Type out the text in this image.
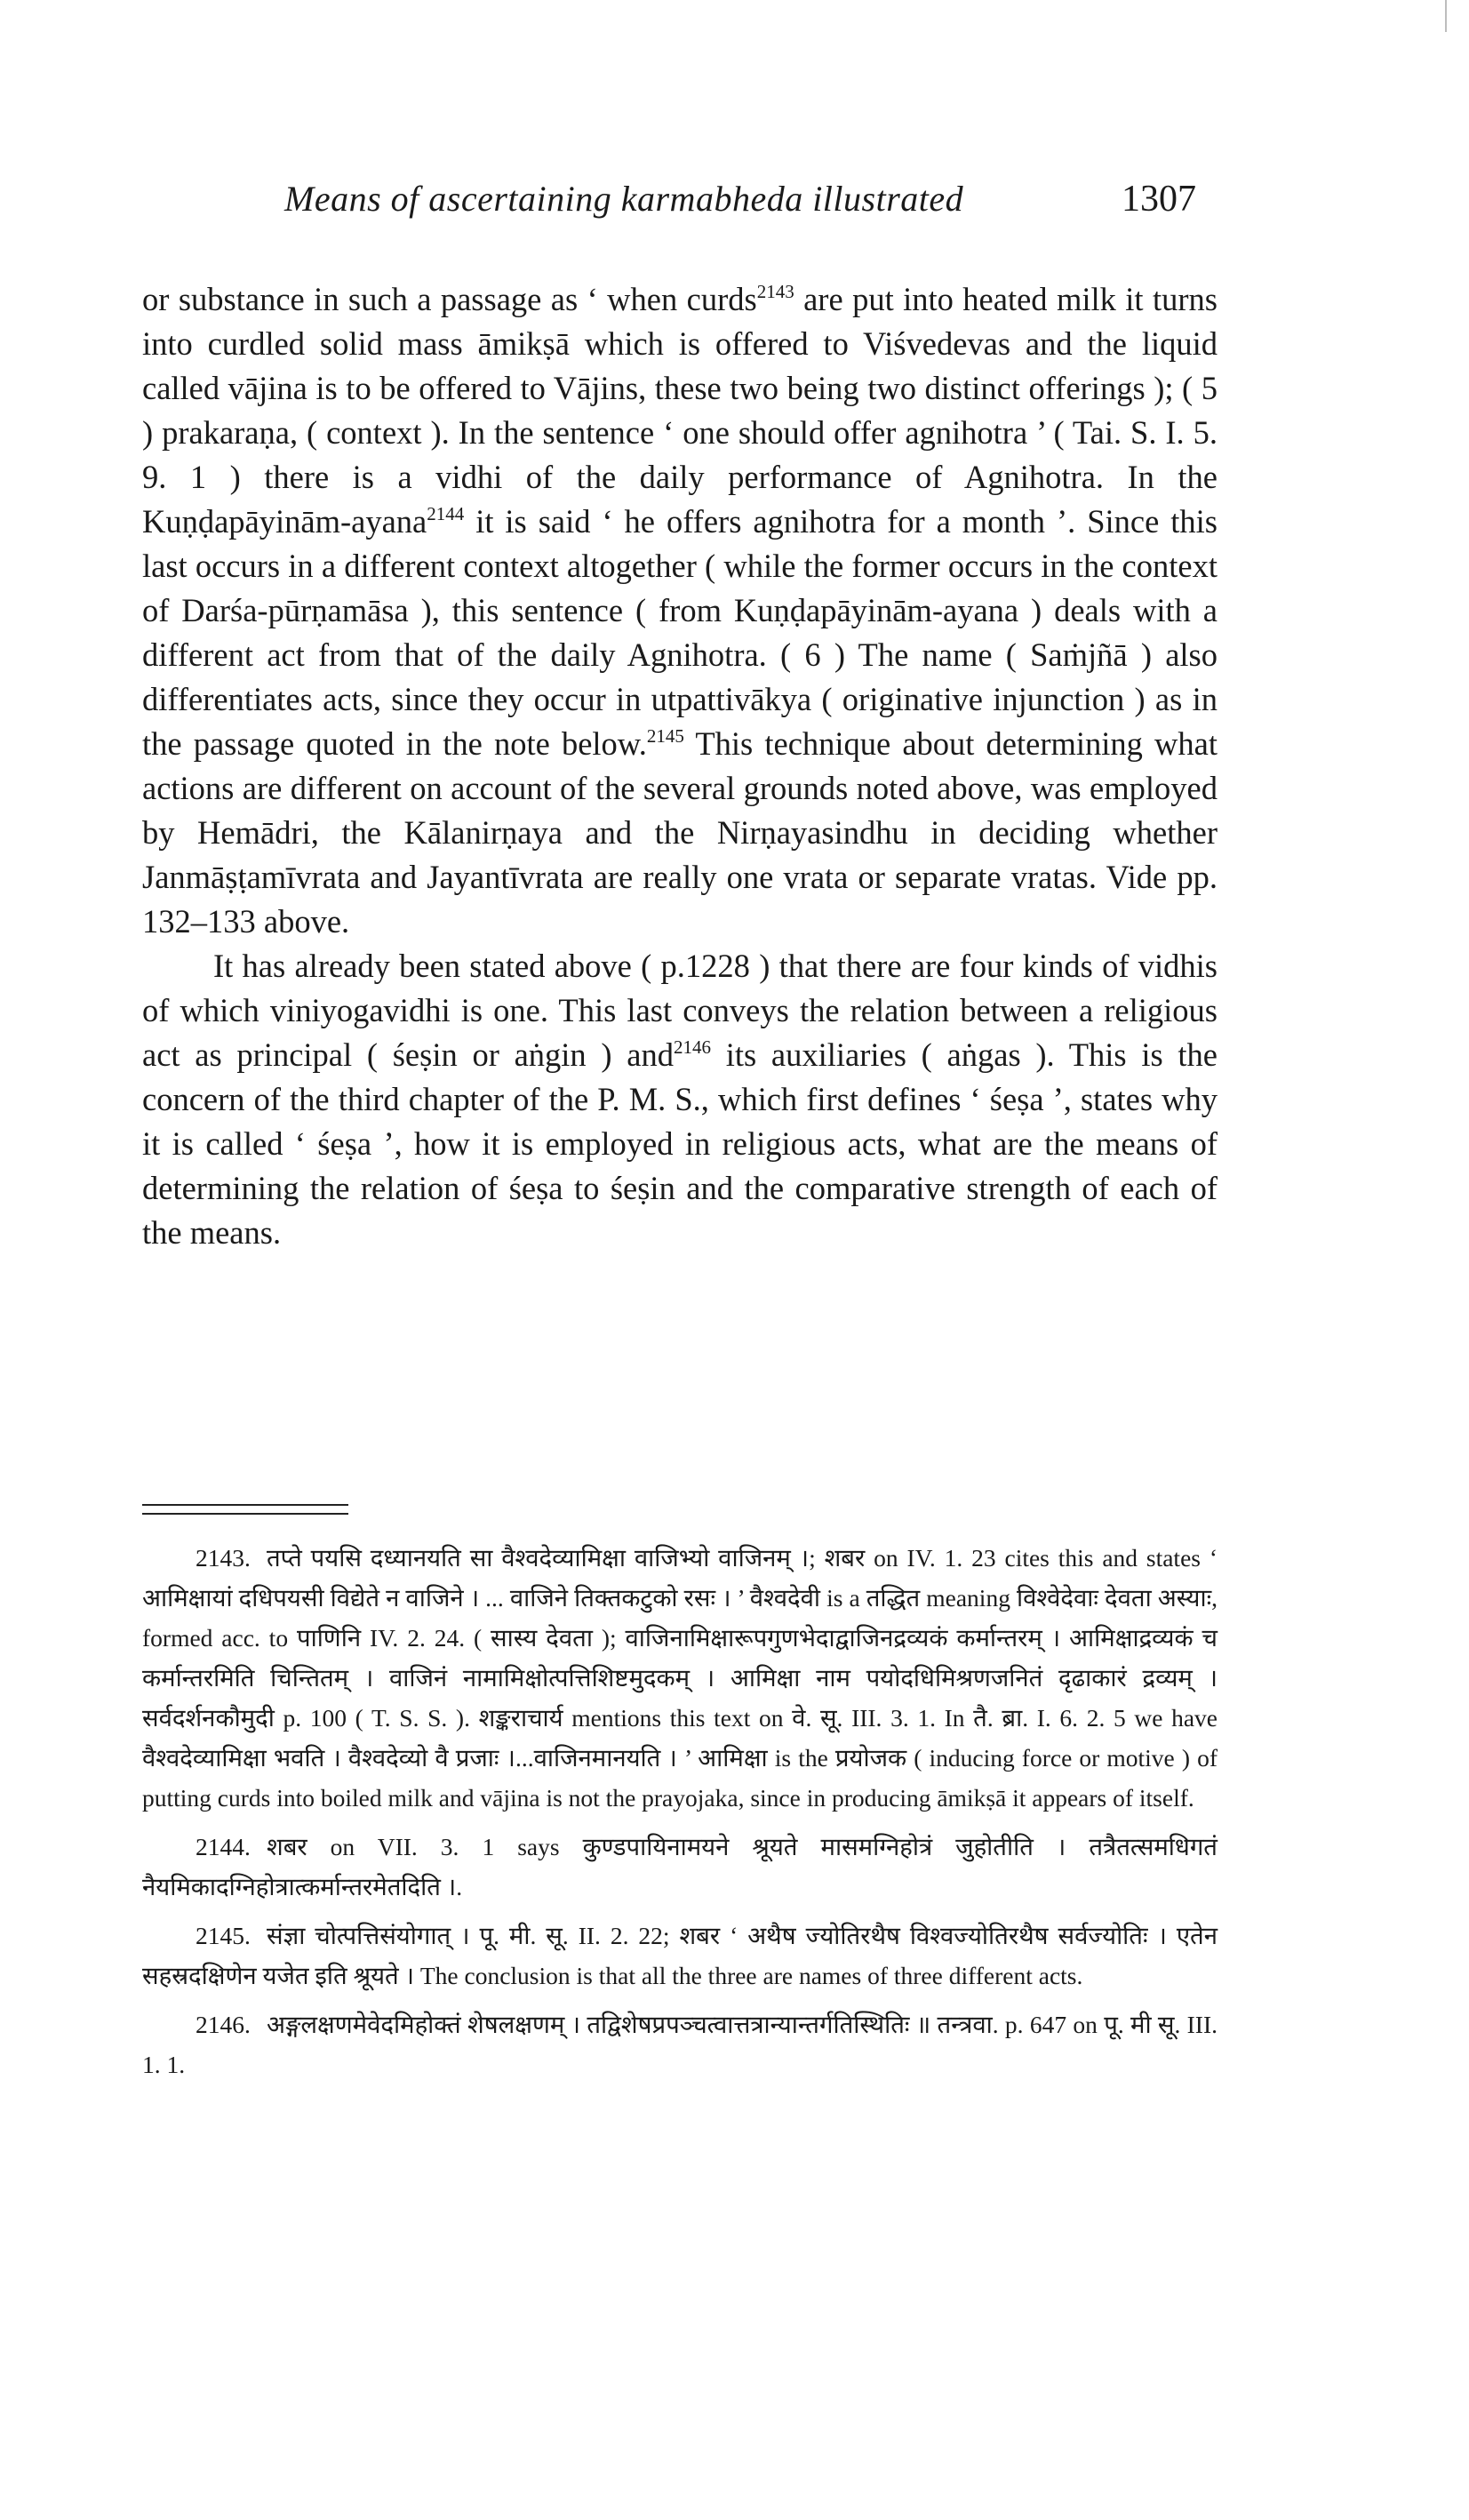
Means of ascertaining karmabheda illustrated	1307

or substance in such a passage as ‘ when curds$^{2143}$ are put into heated milk it turns into curdled solid mass āmikṣā which is offered to Viśvedevas and the liquid called vājina is to be offered to Vājins, these two being two distinct offerings ); ( 5 ) prakaraṇa, ( context ). In the sentence ‘ one should offer agnihotra ’ ( Tai. S. I. 5. 9. 1 ) there is a vidhi of the daily performance of Agnihotra. In the Kuṇḍapāyinām-ayana$^{2144}$ it is said ‘ he offers agnihotra for a month ’. Since this last occurs in a different context altogether ( while the former occurs in the context of Darśa-pūrṇamāsa ), this sentence ( from Kuṇḍapāyinām-ayana ) deals with a different act from that of the daily Agnihotra. ( 6 ) The name ( Saṁjñā ) also differentiates acts, since they occur in utpattivākya ( originative injunction ) as in the passage quoted in the note below.$^{2145}$ This technique about determining what actions are different on account of the several grounds noted above, was employed by Hemādri, the Kālanirṇaya and the Nirṇayasindhu in deciding whether Janmāṣṭamīvrata and Jayantīvrata are really one vrata or separate vratas. Vide pp. 132–133 above.

It has already been stated above ( p.1228 ) that there are four kinds of vidhis of which viniyogavidhi is one. This last conveys the relation between a religious act as principal ( śeṣin or aṅgin ) and$^{2146}$ its auxiliaries ( aṅgas ). This is the concern of the third chapter of the P. M. S., which first defines ‘ śeṣa ’, states why it is called ‘ śeṣa ’, how it is employed in religious acts, what are the means of determining the relation of śeṣa to śeṣin and the comparative strength of each of the means.

2143. तप्ते पयसि दध्यानयति सा वैश्वदेव्यामिक्षा वाजिभ्यो वाजिनम् ।; शबर on IV. 1. 23 cites this and states ‘ आमिक्षायां दधिपयसी विद्येते न वाजिने । ... वाजिने तिक्तकटुको रसः । ’ वैश्वदेवी is a तद्धित meaning विश्वेदेवाः देवता अस्याः, formed acc. to पाणिनि IV. 2. 24. ( सास्य देवता ); वाजिनामिक्षारूपगुणभेदाद्वाजिनद्रव्यकं कर्मान्तरम् । आमिक्षाद्रव्यकं च कर्मान्तरमिति चिन्तितम् । वाजिनं नामामिक्षोत्पत्तिशिष्टमुदकम् । आमिक्षा नाम पयोदधिमिश्रणजनितं दृढाकारं द्रव्यम् । सर्वदर्शनकौमुदी p. 100 ( T. S. S. ). शङ्कराचार्य mentions this text on वे. सू. III. 3. 1. In तै. ब्रा. I. 6. 2. 5 we have वैश्वदेव्यामिक्षा भवति । वैश्वदेव्यो वै प्रजाः ।...वाजिनमानयति । ’ आमिक्षा is the प्रयोजक ( inducing force or motive ) of putting curds into boiled milk and vājina is not the prayojaka, since in producing āmikṣā it appears of itself.

2144. शबर on VII. 3. 1 says कुण्डपायिनामयने श्रूयते मासमग्निहोत्रं जुहोतीति । तत्रैतत्समधिगतं नैयमिकादग्निहोत्रात्कर्मान्तरमेतदिति ।.

2145. संज्ञा चोत्पत्तिसंयोगात् । पू. मी. सू. II. 2. 22; शबर ‘ अथैष ज्योतिरथैष विश्वज्योतिरथैष सर्वज्योतिः । एतेन सहस्रदक्षिणेन यजेत इति श्रूयते । The conclusion is that all the three are names of three different acts.

2146. अङ्गलक्षणमेवेदमिहोक्तं शेषलक्षणम् । तद्विशेषप्रपञ्चत्वात्तत्रान्यान्तर्गतिस्थितिः ॥ तन्त्रवा. p. 647 on पू. मी सू. III. 1. 1.
